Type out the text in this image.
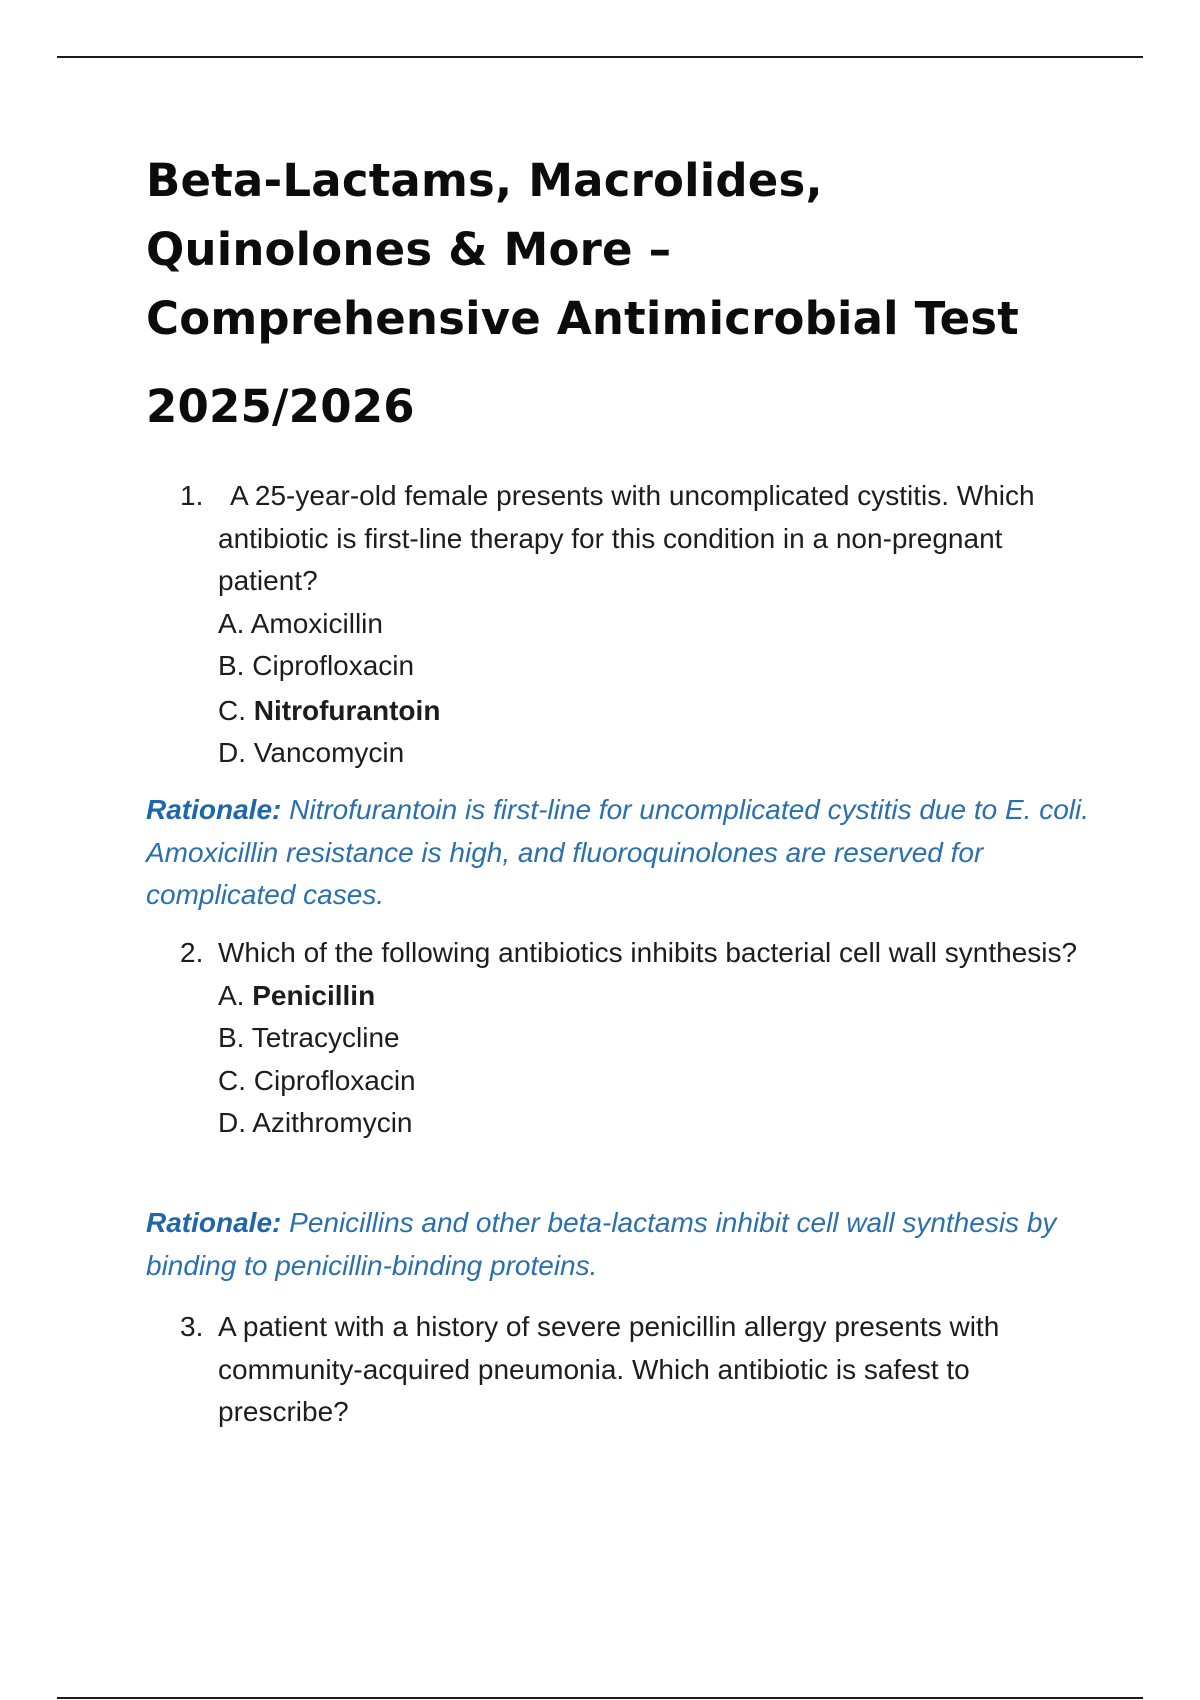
Beta-Lactams, Macrolides,
Quinolones & More –
Comprehensive Antimicrobial Test
2025/2026
1. A 25-year-old female presents with uncomplicated cystitis. Which antibiotic is first-line therapy for this condition in a non-pregnant patient?
A. Amoxicillin
B. Ciprofloxacin
C. Nitrofurantoin
D. Vancomycin
Rationale: Nitrofurantoin is first-line for uncomplicated cystitis due to E. coli. Amoxicillin resistance is high, and fluoroquinolones are reserved for complicated cases.
2. Which of the following antibiotics inhibits bacterial cell wall synthesis?
A. Penicillin
B. Tetracycline
C. Ciprofloxacin
D. Azithromycin
Rationale: Penicillins and other beta-lactams inhibit cell wall synthesis by binding to penicillin-binding proteins.
3. A patient with a history of severe penicillin allergy presents with community-acquired pneumonia. Which antibiotic is safest to prescribe?
